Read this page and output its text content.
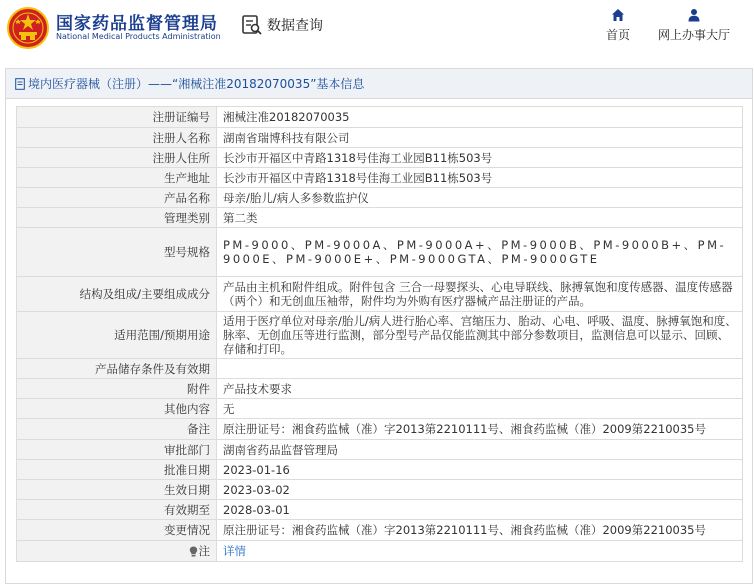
国家药品监督管理局
National Medical Products Administration
数据查询
首页	网上办事大厅
境内医疗器械（注册）——“湘械注准20182070035”基本信息
注册证编号	湘械注准20182070035
注册人名称	湖南省瑞博科技有限公司
注册人住所	长沙市开福区中青路1318号佳海工业园B11栋503号
生产地址	长沙市开福区中青路1318号佳海工业园B11栋503号
产品名称	母亲/胎儿/病人多参数监护仪
管理类别	第二类
型号规格	PM-9000、PM-9000A、PM-9000A+、PM-9000B、PM-9000B+、PM-9000E、PM-9000E+、PM-9000GTA、PM-9000GTE
结构及组成/主要组成成分	产品由主机和附件组成。附件包含 三合一母婴探头、心电导联线、脉搏氧饱和度传感器、温度传感器（两个）和无创血压袖带，附件均为外购有医疗器械产品注册证的产品。
适用范围/预期用途	适用于医疗单位对母亲/胎儿/病人进行胎心率、宫缩压力、胎动、心电、呼吸、温度、脉搏氧饱和度、脉率、无创血压等进行监测，部分型号产品仅能监测其中部分参数项目，监测信息可以显示、回顾、存储和打印。
产品储存条件及有效期	
附件	产品技术要求
其他内容	无
备注	原注册证号：湘食药监械（准）字2013第2210111号、湘食药监械（准）2009第2210035号
审批部门	湖南省药品监督管理局
批准日期	2023-01-16
生效日期	2023-03-02
有效期至	2028-03-01
变更情况	原注册证号：湘食药监械（准）字2013第2210111号、湘食药监械（准）2009第2210035号
注	详情
